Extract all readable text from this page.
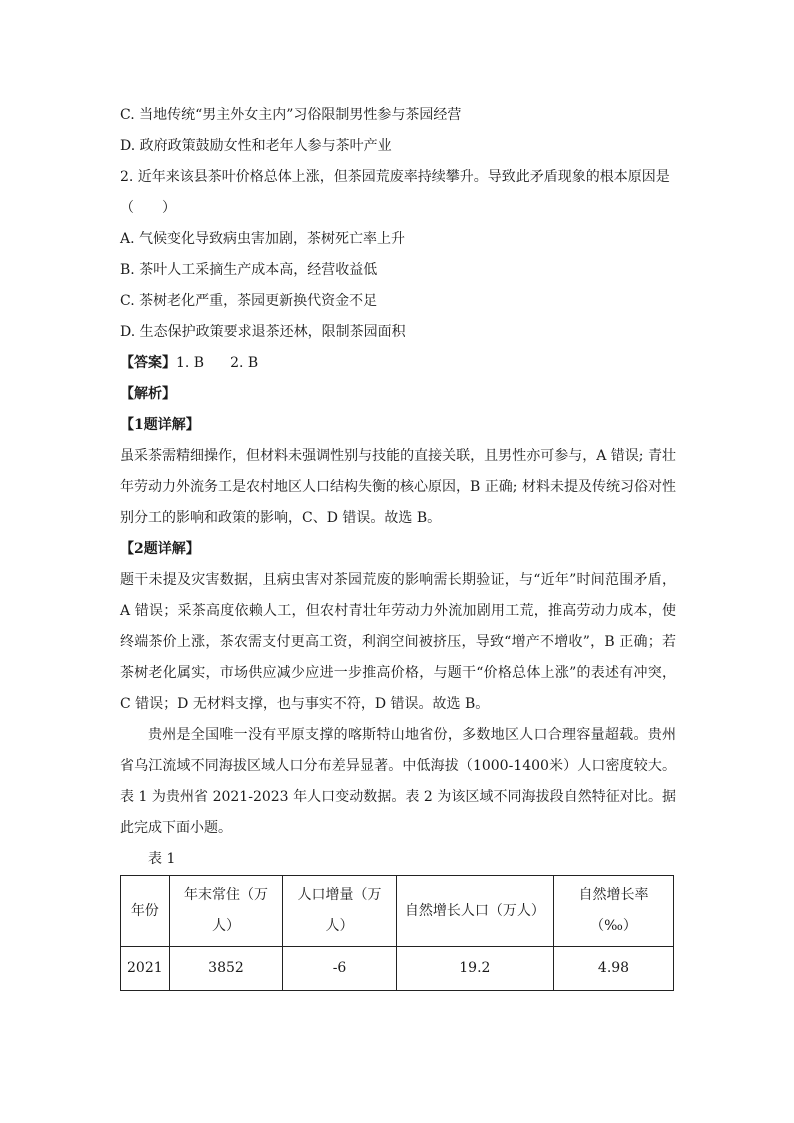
C. 当地传统“男主外女主内”习俗限制男性参与茶园经营

D. 政府政策鼓励女性和老年人参与茶叶产业

2. 近年来该县茶叶价格总体上涨，但茶园荒废率持续攀升。导致此矛盾现象的根本原因是

（　　）

A. 气候变化导致病虫害加剧，茶树死亡率上升

B. 茶叶人工采摘生产成本高，经营收益低

C. 茶树老化严重，茶园更新换代资金不足

D. 生态保护政策要求退茶还林，限制茶园面积

【答案】1. B 2. B

【解析】

【1题详解】

虽采茶需精细操作，但材料未强调性别与技能的直接关联，且男性亦可参与，A 错误; 青壮年劳动力外流务工是农村地区人口结构失衡的核心原因，B 正确; 材料未提及传统习俗对性别分工的影响和政策的影响，C、D 错误。故选 B。

【2题详解】

题干未提及灾害数据，且病虫害对茶园荒废的影响需长期验证，与“近年”时间范围矛盾，A 错误；采茶高度依赖人工，但农村青壮年劳动力外流加剧用工荒，推高劳动力成本，使终端茶价上涨，茶农需支付更高工资，利润空间被挤压，导致“增产不增收”，B 正确；若茶树老化属实，市场供应减少应进一步推高价格，与题干“价格总体上涨”的表述有冲突，C 错误；D 无材料支撑，也与事实不符，D 错误。故选 B。

贵州是全国唯一没有平原支撑的喀斯特山地省份，多数地区人口合理容量超载。贵州省乌江流域不同海拔区域人口分布差异显著。中低海拔（1000-1400米）人口密度较大。表 1 为贵州省 2021-2023 年人口变动数据。表 2 为该区域不同海拔段自然特征对比。据此完成下面小题。

表 1

年份	年末常住（万人）	人口增量（万人）	自然增长人口（万人）	自然增长率（‰）
2021	3852	-6	19.2	4.98
